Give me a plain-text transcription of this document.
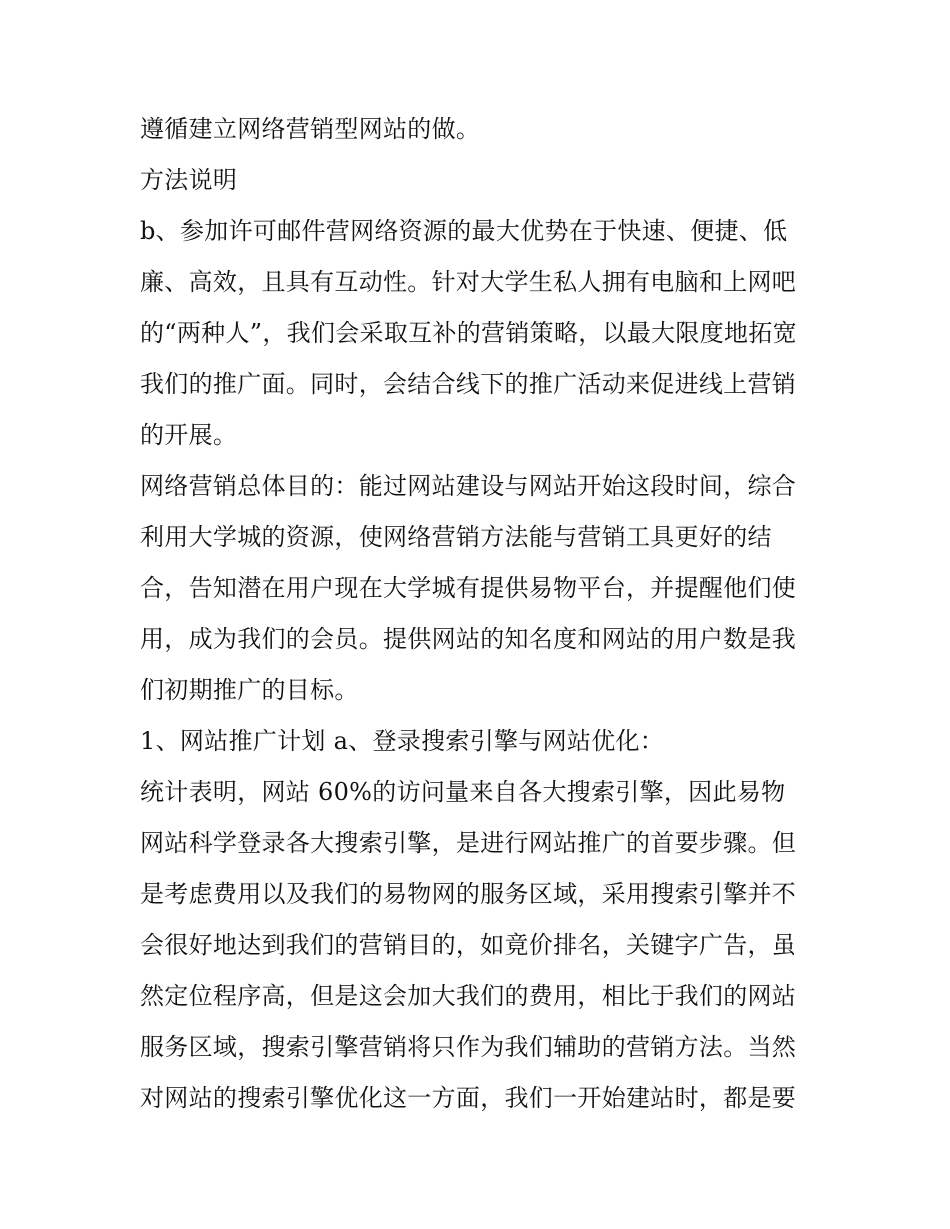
遵循建立网络营销型网站的做。
方法说明
b、参加许可邮件营网络资源的最大优势在于快速、便捷、低
廉、高效，且具有互动性。针对大学生私人拥有电脑和上网吧
的“两种人”，我们会采取互补的营销策略，以最大限度地拓宽
我们的推广面。同时，会结合线下的推广活动来促进线上营销
的开展。
网络营销总体目的：能过网站建设与网站开始这段时间，综合
利用大学城的资源，使网络营销方法能与营销工具更好的结
合，告知潜在用户现在大学城有提供易物平台，并提醒他们使
用，成为我们的会员。提供网站的知名度和网站的用户数是我
们初期推广的目标。
1、网站推广计划 a、登录搜索引擎与网站优化：
统计表明，网站 60%的访问量来自各大搜索引擎，因此易物
网站科学登录各大搜索引擎，是进行网站推广的首要步骤。但
是考虑费用以及我们的易物网的服务区域，采用搜索引擎并不
会很好地达到我们的营销目的，如竟价排名，关键字广告，虽
然定位程序高，但是这会加大我们的费用，相比于我们的网站
服务区域，搜索引擎营销将只作为我们辅助的营销方法。当然
对网站的搜索引擎优化这一方面，我们一开始建站时，都是要
